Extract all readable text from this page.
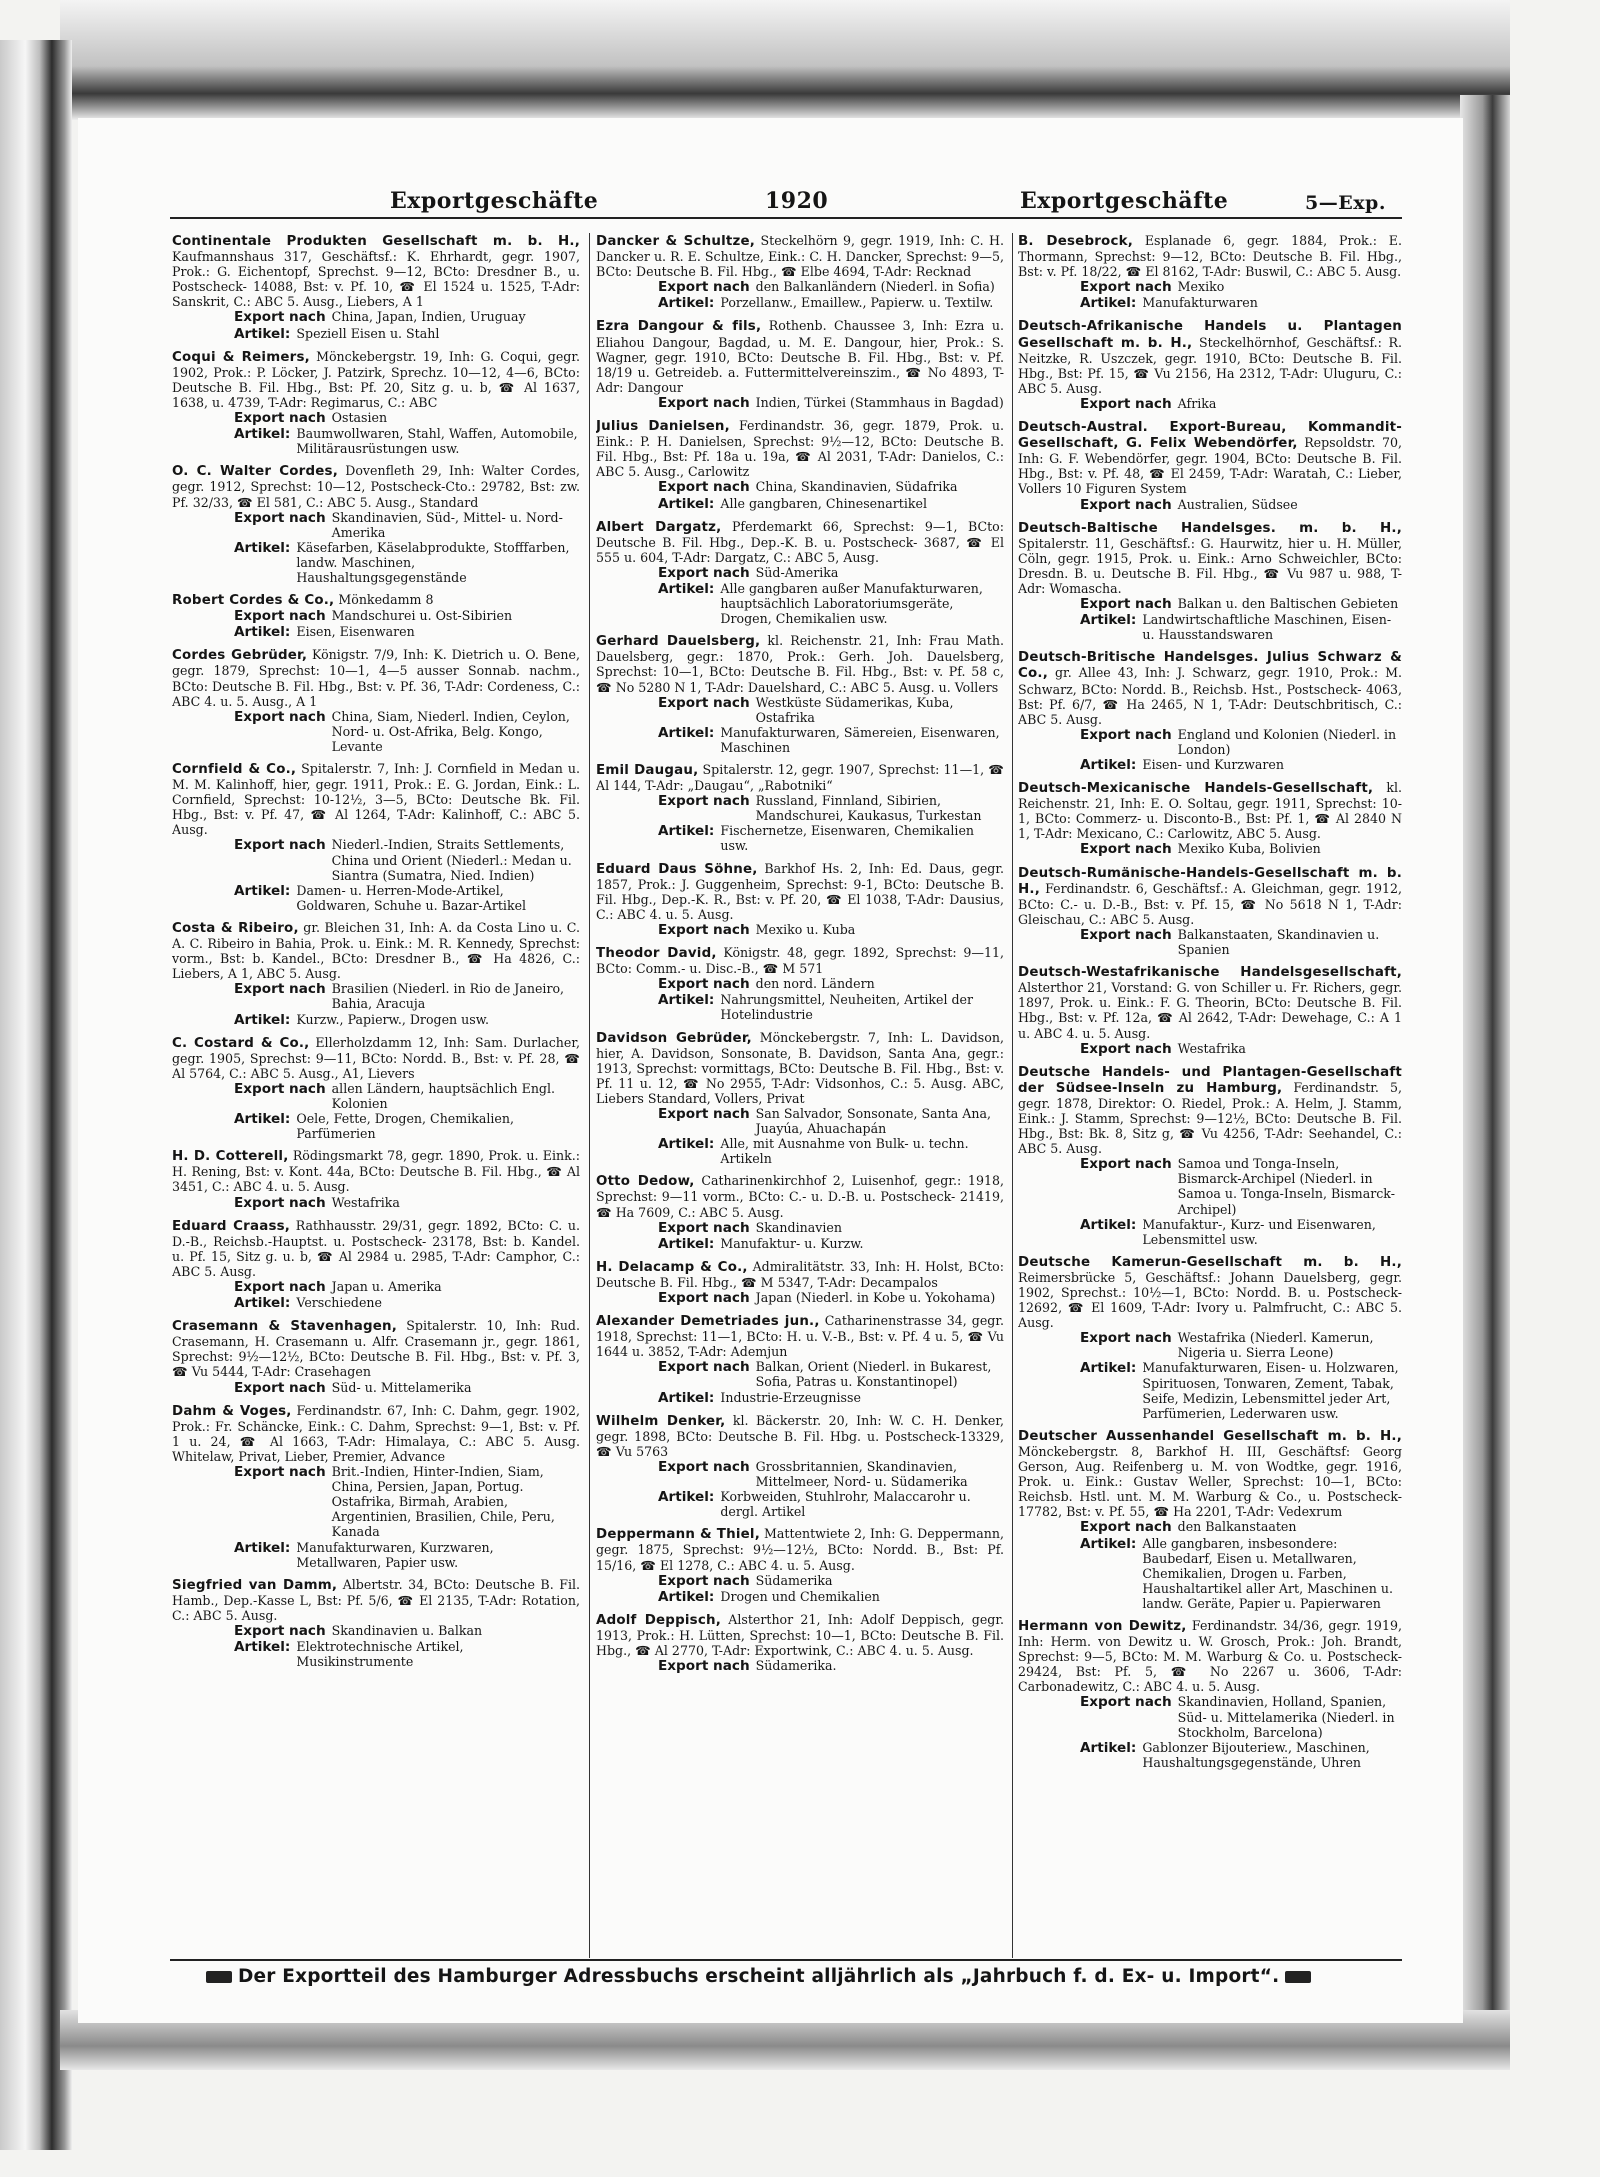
Exportgeschäfte	1920	Exportgeschäfte	5—Exp.
Continentale Produkten Gesellschaft m. b. H., Kaufmannshaus 317, Geschäftsf.: K. Ehrhardt, gegr. 1907, Prok.: G. Eichentopf, Sprechst. 9—12, BCto: Dresdner B., u. Postscheck- 14088, Bst: v. Pf. 10, ☎ El 1524 u. 1525, T-Adr: Sanskrit, C.: ABC 5. Ausg., Liebers, A 1
Export nach China, Japan, Indien, Uruguay
Artikel: Speziell Eisen u. Stahl
Coqui & Reimers, Mönckebergstr. 19, Inh: G. Coqui, gegr. 1902, Prok.: P. Löcker, J. Patzirk, Sprechz. 10—12, 4—6, BCto: Deutsche B. Fil. Hbg., Bst: Pf. 20, Sitz g. u. b, ☎ Al 1637, 1638, u. 4739, T-Adr: Regimarus, C.: ABC
Export nach Ostasien
Artikel: Baumwollwaren, Stahl, Waffen, Automobile, Militärausrüstungen usw.
O. C. Walter Cordes, Dovenfleth 29, Inh: Walter Cordes, gegr. 1912, Sprechst: 10—12, Postscheck-Cto.: 29782, Bst: zw. Pf. 32/33, ☎ El 581, C.: ABC 5. Ausg., Standard
Export nach Skandinavien, Süd-, Mittel- u. Nord-Amerika
Artikel: Käsefarben, Käselabprodukte, Stofffarben, landw. Maschinen, Haushaltungsgegenstände
Robert Cordes & Co., Mönkedamm 8
Export nach Mandschurei u. Ost-Sibirien
Artikel: Eisen, Eisenwaren
Cordes Gebrüder, Königstr. 7/9, Inh: K. Dietrich u. O. Bene, gegr. 1879, Sprechst: 10—1, 4—5 ausser Sonnab. nachm., BCto: Deutsche B. Fil. Hbg., Bst: v. Pf. 36, T-Adr: Cordeness, C.: ABC 4. u. 5. Ausg., A 1
Export nach China, Siam, Niederl. Indien, Ceylon, Nord- u. Ost-Afrika, Belg. Kongo, Levante
Cornfield & Co., Spitalerstr. 7, Inh: J. Cornfield in Medan u. M. M. Kalinhoff, hier, gegr. 1911, Prok.: E. G. Jordan, Eink.: L. Cornfield, Sprechst: 10-12½, 3—5, BCto: Deutsche Bk. Fil. Hbg., Bst: v. Pf. 47, ☎ Al 1264, T-Adr: Kalinhoff, C.: ABC 5. Ausg.
Export nach Niederl.-Indien, Straits Settlements, China und Orient (Niederl.: Medan u. Siantra (Sumatra, Nied. Indien)
Artikel: Damen- u. Herren-Mode-Artikel, Goldwaren, Schuhe u. Bazar-Artikel
Costa & Ribeiro, gr. Bleichen 31, Inh: A. da Costa Lino u. C. A. C. Ribeiro in Bahia, Prok. u. Eink.: M. R. Kennedy, Sprechst: vorm., Bst: b. Kandel., BCto: Dresdner B., ☎ Ha 4826, C.: Liebers, A 1, ABC 5. Ausg.
Export nach Brasilien (Niederl. in Rio de Janeiro, Bahia, Aracuja
Artikel: Kurzw., Papierw., Drogen usw.
C. Costard & Co., Ellerholzdamm 12, Inh: Sam. Durlacher, gegr. 1905, Sprechst: 9—11, BCto: Nordd. B., Bst: v. Pf. 28, ☎ Al 5764, C.: ABC 5. Ausg., A1, Lievers
Export nach allen Ländern, hauptsächlich Engl. Kolonien
Artikel: Oele, Fette, Drogen, Chemikalien, Parfümerien
H. D. Cotterell, Rödingsmarkt 78, gegr. 1890, Prok. u. Eink.: H. Rening, Bst: v. Kont. 44a, BCto: Deutsche B. Fil. Hbg., ☎ Al 3451, C.: ABC 4. u. 5. Ausg.
Export nach Westafrika
Eduard Craass, Rathhausstr. 29/31, gegr. 1892, BCto: C. u. D.-B., Reichsb.-Hauptst. u. Postscheck- 23178, Bst: b. Kandel. u. Pf. 15, Sitz g. u. b, ☎ Al 2984 u. 2985, T-Adr: Camphor, C.: ABC 5. Ausg.
Export nach Japan u. Amerika
Artikel: Verschiedene
Crasemann & Stavenhagen, Spitalerstr. 10, Inh: Rud. Crasemann, H. Crasemann u. Alfr. Crasemann jr., gegr. 1861, Sprechst: 9½—12½, BCto: Deutsche B. Fil. Hbg., Bst: v. Pf. 3, ☎ Vu 5444, T-Adr: Crasehagen
Export nach Süd- u. Mittelamerika
Dahm & Voges, Ferdinandstr. 67, Inh: C. Dahm, gegr. 1902, Prok.: Fr. Schäncke, Eink.: C. Dahm, Sprechst: 9—1, Bst: v. Pf. 1 u. 24, ☎ Al 1663, T-Adr: Himalaya, C.: ABC 5. Ausg. Whitelaw, Privat, Lieber, Premier, Advance
Export nach Brit.-Indien, Hinter-Indien, Siam, China, Persien, Japan, Portug. Ostafrika, Birmah, Arabien, Argentinien, Brasilien, Chile, Peru, Kanada
Artikel: Manufakturwaren, Kurzwaren, Metallwaren, Papier usw.
Siegfried van Damm, Albertstr. 34, BCto: Deutsche B. Fil. Hamb., Dep.-Kasse L, Bst: Pf. 5/6, ☎ El 2135, T-Adr: Rotation, C.: ABC 5. Ausg.
Export nach Skandinavien u. Balkan
Artikel: Elektrotechnische Artikel, Musikinstrumente
Dancker & Schultze, Steckelhörn 9, gegr. 1919, Inh: C. H. Dancker u. R. E. Schultze, Eink.: C. H. Dancker, Sprechst: 9—5, BCto: Deutsche B. Fil. Hbg., ☎ Elbe 4694, T-Adr: Recknad
Export nach den Balkanländern (Niederl. in Sofia)
Artikel: Porzellanw., Emaillew., Papierw. u. Textilw.
Ezra Dangour & fils, Rothenb. Chaussee 3, Inh: Ezra u. Eliahou Dangour, Bagdad, u. M. E. Dangour, hier, Prok.: S. Wagner, gegr. 1910, BCto: Deutsche B. Fil. Hbg., Bst: v. Pf. 18/19 u. Getreideb. a. Futtermittelvereinszim., ☎ No 4893, T-Adr: Dangour
Export nach Indien, Türkei (Stammhaus in Bagdad)
Julius Danielsen, Ferdinandstr. 36, gegr. 1879, Prok. u. Eink.: P. H. Danielsen, Sprechst: 9½—12, BCto: Deutsche B. Fil. Hbg., Bst: Pf. 18a u. 19a, ☎ Al 2031, T-Adr: Danielos, C.: ABC 5. Ausg., Carlowitz
Export nach China, Skandinavien, Südafrika
Artikel: Alle gangbaren, Chinesenartikel
Albert Dargatz, Pferdemarkt 66, Sprechst: 9—1, BCto: Deutsche B. Fil. Hbg., Dep.-K. B. u. Postscheck- 3687, ☎ El 555 u. 604, T-Adr: Dargatz, C.: ABC 5, Ausg.
Export nach Süd-Amerika
Artikel: Alle gangbaren außer Manufakturwaren, hauptsächlich Laboratoriumsgeräte, Drogen, Chemikalien usw.
Gerhard Dauelsberg, kl. Reichenstr. 21, Inh: Frau Math. Dauelsberg, gegr.: 1870, Prok.: Gerh. Joh. Dauelsberg, Sprechst: 10—1, BCto: Deutsche B. Fil. Hbg., Bst: v. Pf. 58 c, ☎ No 5280 N 1, T-Adr: Dauelshard, C.: ABC 5. Ausg. u. Vollers
Export nach Westküste Südamerikas, Kuba, Ostafrika
Artikel: Manufakturwaren, Sämereien, Eisenwaren, Maschinen
Emil Daugau, Spitalerstr. 12, gegr. 1907, Sprechst: 11—1, ☎ Al 144, T-Adr: „Daugau“, „Rabotniki“
Export nach Russland, Finnland, Sibirien, Mandschurei, Kaukasus, Turkestan
Artikel: Fischernetze, Eisenwaren, Chemikalien usw.
Eduard Daus Söhne, Barkhof Hs. 2, Inh: Ed. Daus, gegr. 1857, Prok.: J. Guggenheim, Sprechst: 9-1, BCto: Deutsche B. Fil. Hbg., Dep.-K. R., Bst: v. Pf. 20, ☎ El 1038, T-Adr: Dausius, C.: ABC 4. u. 5. Ausg.
Export nach Mexiko u. Kuba
Theodor David, Königstr. 48, gegr. 1892, Sprechst: 9—11, BCto: Comm.- u. Disc.-B., ☎ M 571
Export nach den nord. Ländern
Artikel: Nahrungsmittel, Neuheiten, Artikel der Hotelindustrie
Davidson Gebrüder, Mönckebergstr. 7, Inh: L. Davidson, hier, A. Davidson, Sonsonate, B. Davidson, Santa Ana, gegr.: 1913, Sprechst: vormittags, BCto: Deutsche B. Fil. Hbg., Bst: v. Pf. 11 u. 12, ☎ No 2955, T-Adr: Vidsonhos, C.: 5. Ausg. ABC, Liebers Standard, Vollers, Privat
Export nach San Salvador, Sonsonate, Santa Ana, Juayúa, Ahuachapán
Artikel: Alle, mit Ausnahme von Bulk- u. techn. Artikeln
Otto Dedow, Catharinenkirchhof 2, Luisenhof, gegr.: 1918, Sprechst: 9—11 vorm., BCto: C.- u. D.-B. u. Postscheck- 21419, ☎ Ha 7609, C.: ABC 5. Ausg.
Export nach Skandinavien
Artikel: Manufaktur- u. Kurzw.
H. Delacamp & Co., Admiralitätstr. 33, Inh: H. Holst, BCto: Deutsche B. Fil. Hbg., ☎ M 5347, T-Adr: Decampalos
Export nach Japan (Niederl. in Kobe u. Yokohama)
Alexander Demetriades jun., Catharinenstrasse 34, gegr. 1918, Sprechst: 11—1, BCto: H. u. V.-B., Bst: v. Pf. 4 u. 5, ☎ Vu 1644 u. 3852, T-Adr: Ademjun
Export nach Balkan, Orient (Niederl. in Bukarest, Sofia, Patras u. Konstantinopel)
Artikel: Industrie-Erzeugnisse
Wilhelm Denker, kl. Bäckerstr. 20, Inh: W. C. H. Denker, gegr. 1898, BCto: Deutsche B. Fil. Hbg. u. Postscheck-13329, ☎ Vu 5763
Export nach Grossbritannien, Skandinavien, Mittelmeer, Nord- u. Südamerika
Artikel: Korbweiden, Stuhlrohr, Malaccarohr u. dergl. Artikel
Deppermann & Thiel, Mattentwiete 2, Inh: G. Deppermann, gegr. 1875, Sprechst: 9½—12½, BCto: Nordd. B., Bst: Pf. 15/16, ☎ El 1278, C.: ABC 4. u. 5. Ausg.
Export nach Südamerika
Artikel: Drogen und Chemikalien
Adolf Deppisch, Alsterthor 21, Inh: Adolf Deppisch, gegr. 1913, Prok.: H. Lütten, Sprechst: 10—1, BCto: Deutsche B. Fil. Hbg., ☎ Al 2770, T-Adr: Exportwink, C.: ABC 4. u. 5. Ausg.
Export nach Südamerika.
B. Desebrock, Esplanade 6, gegr. 1884, Prok.: E. Thormann, Sprechst: 9—12, BCto: Deutsche B. Fil. Hbg., Bst: v. Pf. 18/22, ☎ El 8162, T-Adr: Buswil, C.: ABC 5. Ausg.
Export nach Mexiko
Artikel: Manufakturwaren
Deutsch-Afrikanische Handels u. Plantagen Gesellschaft m. b. H., Steckelhörnhof, Geschäftsf.: R. Neitzke, R. Uszczek, gegr. 1910, BCto: Deutsche B. Fil. Hbg., Bst: Pf. 15, ☎ Vu 2156, Ha 2312, T-Adr: Uluguru, C.: ABC 5. Ausg.
Export nach Afrika
Deutsch-Austral. Export-Bureau, Kommandit-Gesellschaft, G. Felix Webendörfer, Repsoldstr. 70, Inh: G. F. Webendörfer, gegr. 1904, BCto: Deutsche B. Fil. Hbg., Bst: v. Pf. 48, ☎ El 2459, T-Adr: Waratah, C.: Lieber, Vollers 10 Figuren System
Export nach Australien, Südsee
Deutsch-Baltische Handelsges. m. b. H., Spitalerstr. 11, Geschäftsf.: G. Haurwitz, hier u. H. Müller, Cöln, gegr. 1915, Prok. u. Eink.: Arno Schweichler, BCto: Dresdn. B. u. Deutsche B. Fil. Hbg., ☎ Vu 987 u. 988, T-Adr: Womascha.
Export nach Balkan u. den Baltischen Gebieten
Artikel: Landwirtschaftliche Maschinen, Eisen- u. Hausstandswaren
Deutsch-Britische Handelsges. Julius Schwarz & Co., gr. Allee 43, Inh: J. Schwarz, gegr. 1910, Prok.: M. Schwarz, BCto: Nordd. B., Reichsb. Hst., Postscheck- 4063, Bst: Pf. 6/7, ☎ Ha 2465, N 1, T-Adr: Deutschbritisch, C.: ABC 5. Ausg.
Export nach England und Kolonien (Niederl. in London)
Artikel: Eisen- und Kurzwaren
Deutsch-Mexicanische Handels-Gesellschaft, kl. Reichenstr. 21, Inh: E. O. Soltau, gegr. 1911, Sprechst: 10-1, BCto: Commerz- u. Disconto-B., Bst: Pf. 1, ☎ Al 2840 N 1, T-Adr: Mexicano, C.: Carlowitz, ABC 5. Ausg.
Export nach Mexiko Kuba, Bolivien
Deutsch-Rumänische-Handels-Gesellschaft m. b. H., Ferdinandstr. 6, Geschäftsf.: A. Gleichman, gegr. 1912, BCto: C.- u. D.-B., Bst: v. Pf. 15, ☎ No 5618 N 1, T-Adr: Gleischau, C.: ABC 5. Ausg.
Export nach Balkanstaaten, Skandinavien u. Spanien
Deutsch-Westafrikanische Handelsgesellschaft, Alsterthor 21, Vorstand: G. von Schiller u. Fr. Richers, gegr. 1897, Prok. u. Eink.: F. G. Theorin, BCto: Deutsche B. Fil. Hbg., Bst: v. Pf. 12a, ☎ Al 2642, T-Adr: Dewehage, C.: A 1 u. ABC 4. u. 5. Ausg.
Export nach Westafrika
Deutsche Handels- und Plantagen-Gesellschaft der Südsee-Inseln zu Hamburg, Ferdinandstr. 5, gegr. 1878, Direktor: O. Riedel, Prok.: A. Helm, J. Stamm, Eink.: J. Stamm, Sprechst: 9—12½, BCto: Deutsche B. Fil. Hbg., Bst: Bk. 8, Sitz g, ☎ Vu 4256, T-Adr: Seehandel, C.: ABC 5. Ausg.
Export nach Samoa und Tonga-Inseln, Bismarck-Archipel (Niederl. in Samoa u. Tonga-Inseln, Bismarck-Archipel)
Artikel: Manufaktur-, Kurz- und Eisenwaren, Lebensmittel usw.
Deutsche Kamerun-Gesellschaft m. b. H., Reimersbrücke 5, Geschäftsf.: Johann Dauelsberg, gegr. 1902, Sprechst.: 10½—1, BCto: Nordd. B. u. Postscheck- 12692, ☎ El 1609, T-Adr: Ivory u. Palmfrucht, C.: ABC 5. Ausg.
Export nach Westafrika (Niederl. Kamerun, Nigeria u. Sierra Leone)
Artikel: Manufakturwaren, Eisen- u. Holzwaren, Spirituosen, Tonwaren, Zement, Tabak, Seife, Medizin, Lebensmittel jeder Art, Parfümerien, Lederwaren usw.
Deutscher Aussenhandel Gesellschaft m. b. H., Mönckebergstr. 8, Barkhof H. III, Geschäftsf: Georg Gerson, Aug. Reifenberg u. M. von Wodtke, gegr. 1916, Prok. u. Eink.: Gustav Weller, Sprechst: 10—1, BCto: Reichsb. Hstl. unt. M. M. Warburg & Co., u. Postscheck- 17782, Bst: v. Pf. 55, ☎ Ha 2201, T-Adr: Vedexrum
Export nach den Balkanstaaten
Artikel: Alle gangbaren, insbesondere: Baubedarf, Eisen u. Metallwaren, Chemikalien, Drogen u. Farben, Haushaltartikel aller Art, Maschinen u. landw. Geräte, Papier u. Papierwaren
Hermann von Dewitz, Ferdinandstr. 34/36, gegr. 1919, Inh: Herm. von Dewitz u. W. Grosch, Prok.: Joh. Brandt, Sprechst: 9—5, BCto: M. M. Warburg & Co. u. Postscheck- 29424, Bst: Pf. 5, ☎ No 2267 u. 3606, T-Adr: Carbonadewitz, C.: ABC 4. u. 5. Ausg.
Export nach Skandinavien, Holland, Spanien, Süd- u. Mittelamerika (Niederl. in Stockholm, Barcelona)
Artikel: Gablonzer Bijouteriew., Maschinen, Haushaltungsgegenstände, Uhren
Der Exportteil des Hamburger Adressbuchs erscheint alljährlich als „Jahrbuch f. d. Ex- u. Import“.
